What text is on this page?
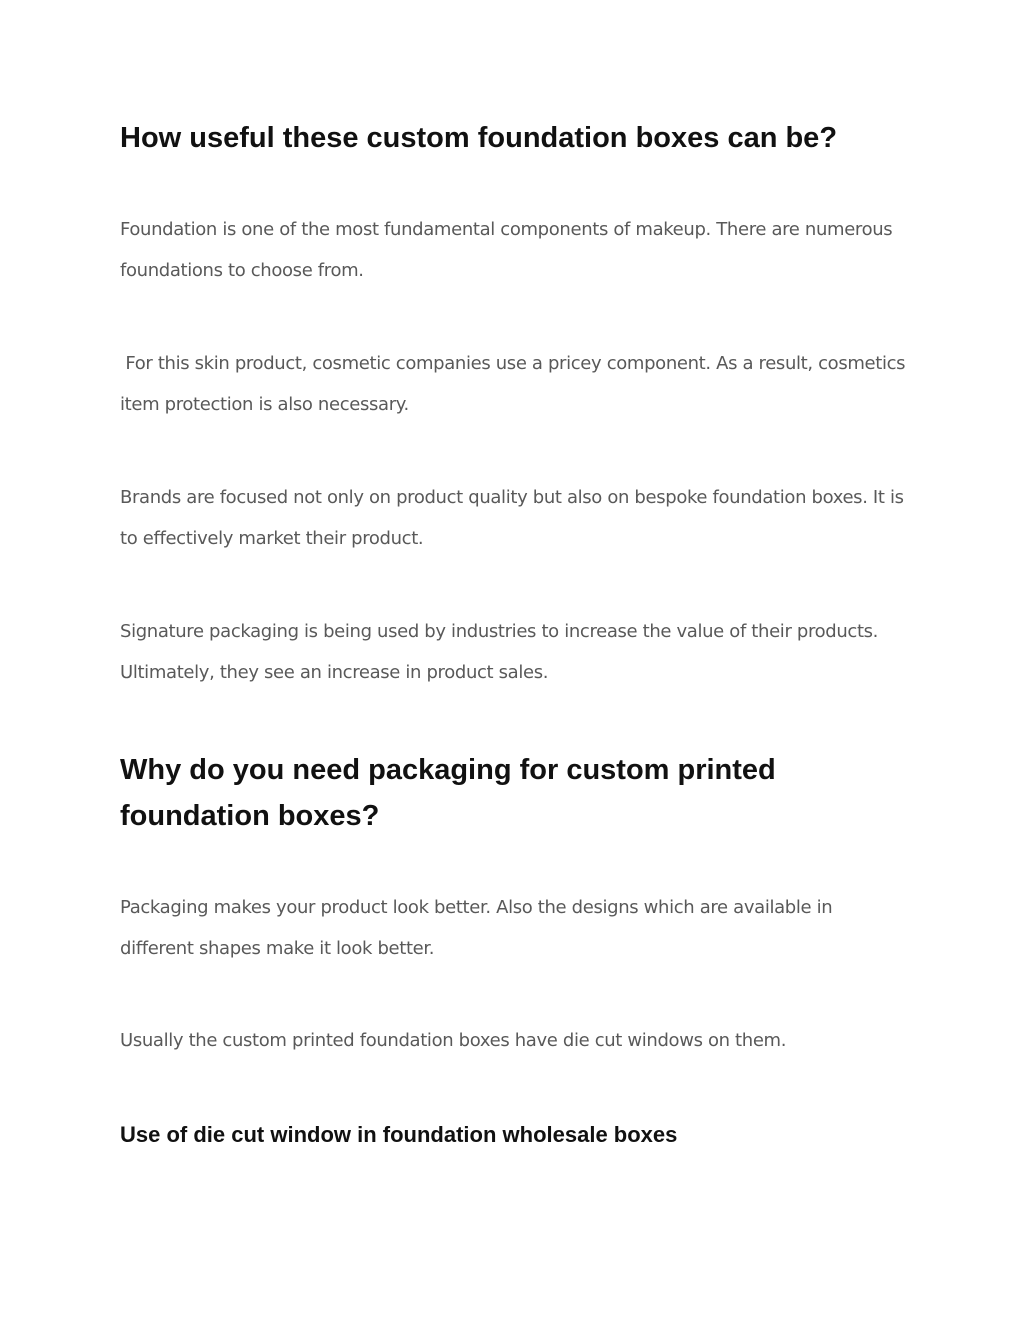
How useful these custom foundation boxes can be?

Foundation is one of the most fundamental components of makeup. There are numerous foundations to choose from.

For this skin product, cosmetic companies use a pricey component. As a result, cosmetics item protection is also necessary.

Brands are focused not only on product quality but also on bespoke foundation boxes. It is to effectively market their product.

Signature packaging is being used by industries to increase the value of their products. Ultimately, they see an increase in product sales.

Why do you need packaging for custom printed foundation boxes?

Packaging makes your product look better. Also the designs which are available in different shapes make it look better.

Usually the custom printed foundation boxes have die cut windows on them.

Use of die cut window in foundation wholesale boxes
